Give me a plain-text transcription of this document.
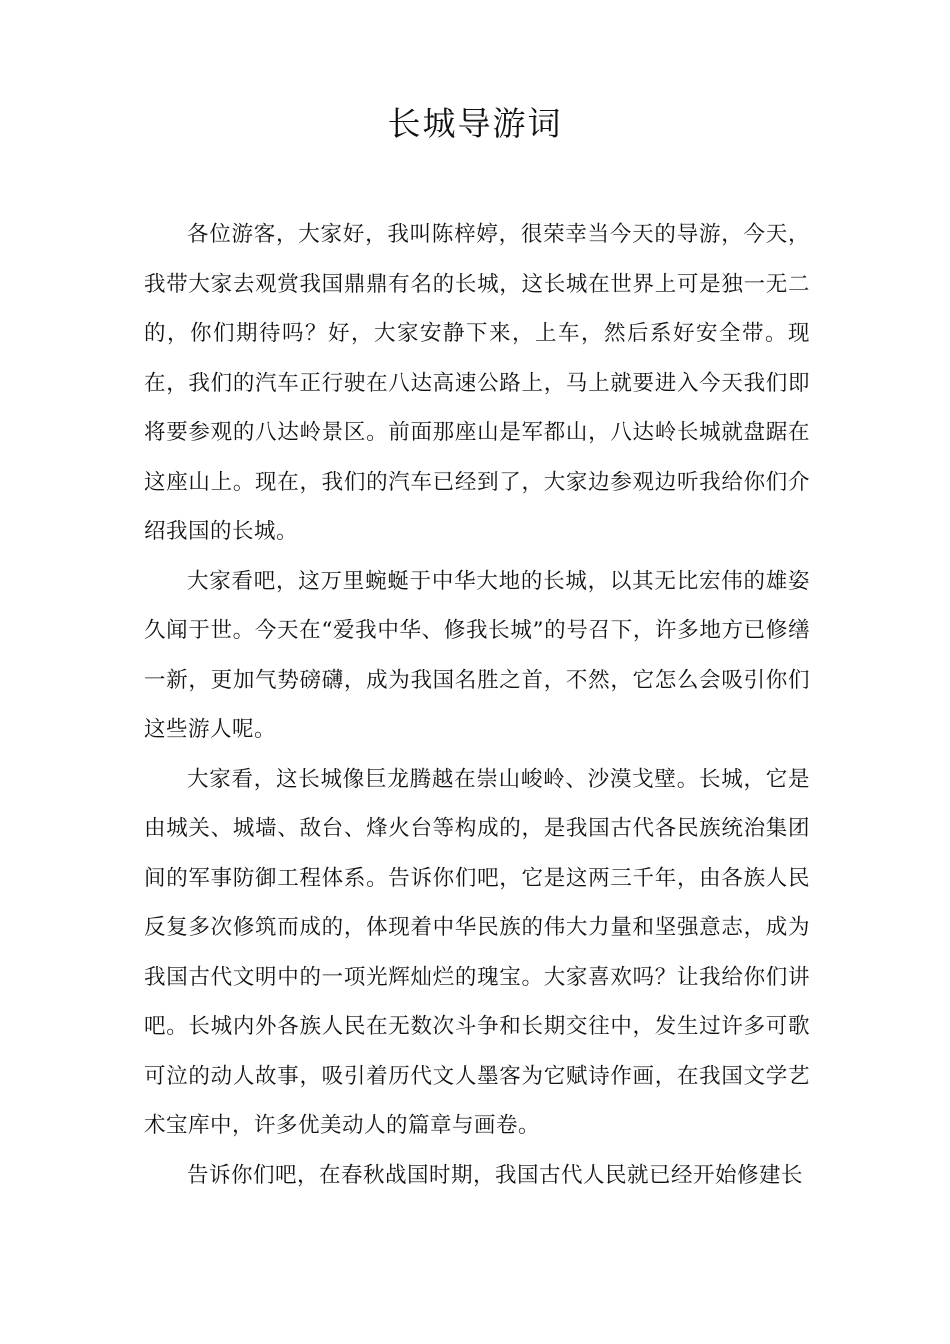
长城导游词

各位游客，大家好，我叫陈梓婷，很荣幸当今天的导游，今天，我带大家去观赏我国鼎鼎有名的长城，这长城在世界上可是独一无二的，你们期待吗？好，大家安静下来，上车，然后系好安全带。现在，我们的汽车正行驶在八达高速公路上，马上就要进入今天我们即将要参观的八达岭景区。前面那座山是军都山，八达岭长城就盘踞在这座山上。现在，我们的汽车已经到了，大家边参观边听我给你们介绍我国的长城。

大家看吧，这万里蜿蜒于中华大地的长城，以其无比宏伟的雄姿久闻于世。今天在“爱我中华、修我长城”的号召下，许多地方已修缮一新，更加气势磅礴，成为我国名胜之首，不然，它怎么会吸引你们这些游人呢。

大家看，这长城像巨龙腾越在崇山峻岭、沙漠戈壁。长城，它是由城关、城墙、敌台、烽火台等构成的，是我国古代各民族统治集团间的军事防御工程体系。告诉你们吧，它是这两三千年，由各族人民反复多次修筑而成的，体现着中华民族的伟大力量和坚强意志，成为我国古代文明中的一项光辉灿烂的瑰宝。大家喜欢吗？让我给你们讲吧。长城内外各族人民在无数次斗争和长期交往中，发生过许多可歌可泣的动人故事，吸引着历代文人墨客为它赋诗作画，在我国文学艺术宝库中，许多优美动人的篇章与画卷。

告诉你们吧，在春秋战国时期，我国古代人民就已经开始修建长
